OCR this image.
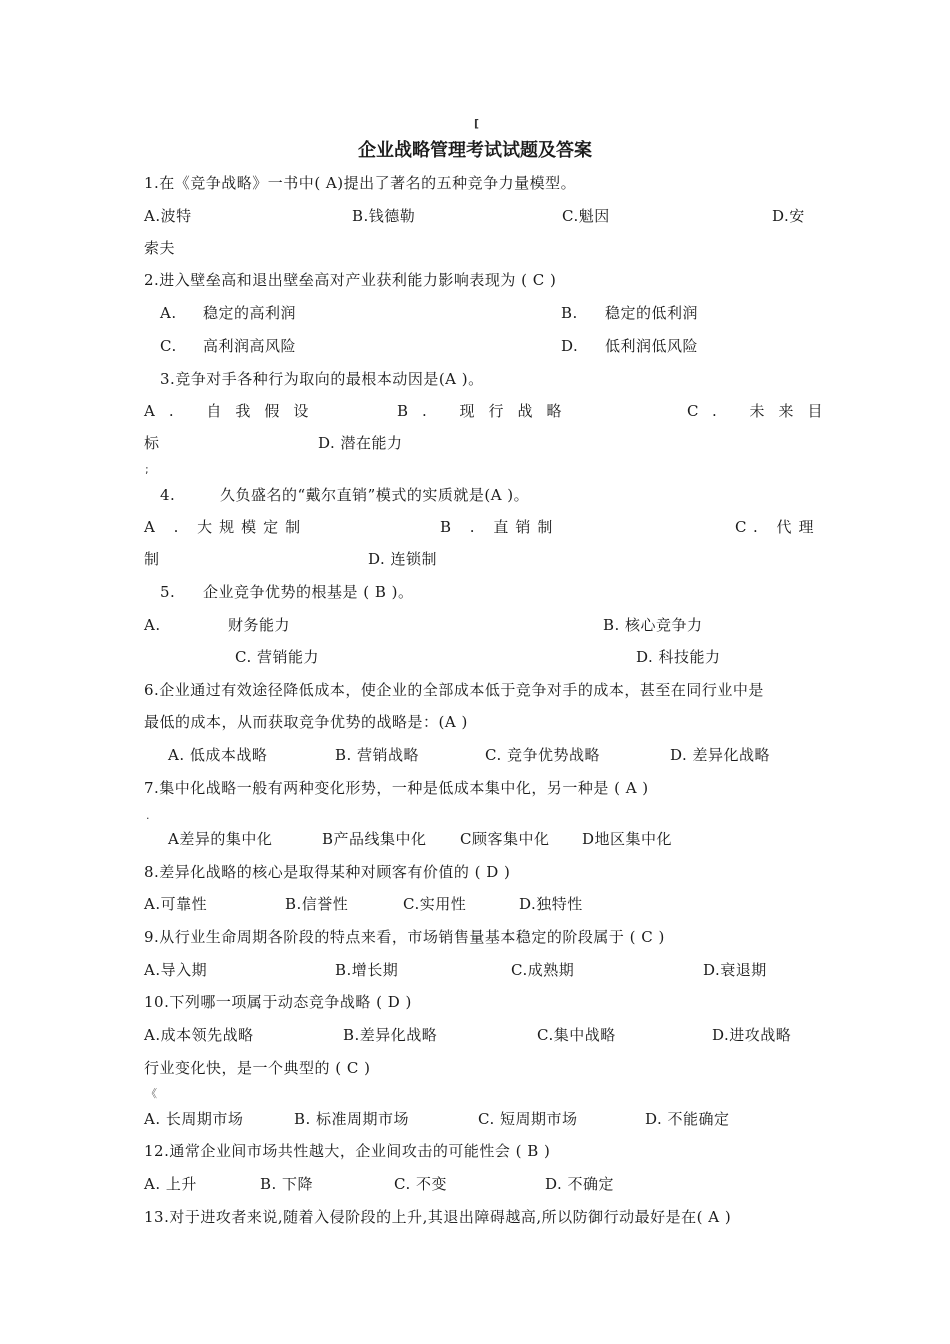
[
企业战略管理考试试题及答案
1.在《竞争战略》一书中( A)提出了著名的五种竞争力量模型。
A.波特	B.钱德勒	C.魁因	D.安
索夫
2.进入壁垒高和退出壁垒高对产业获利能力影响表现为 ( C )
A. 稳定的高利润	B. 稳定的低利润
C. 高利润高风险	D. 低利润低风险
3.竞争对手各种行为取向的最根本动因是(A )。
A. 自我假设	B. 现行战略	C. 未来目
标	D. 潜在能力
;
4.	久负盛名的“戴尔直销”模式的实质就是(A )。
A . 大规模定制	B . 直销制	C. 代理
制	D. 连锁制
5. 企业竞争优势的根基是 ( B )。
A.	财务能力	B. 核心竞争力
C. 营销能力	D. 科技能力
6.企业通过有效途径降低成本，使企业的全部成本低于竞争对手的成本，甚至在同行业中是
最低的成本，从而获取竞争优势的战略是：(A )
A. 低成本战略	B. 营销战略	C. 竞争优势战略	D. 差异化战略
7.集中化战略一般有两种变化形势，一种是低成本集中化，另一种是 ( A )
.
A差异的集中化	B产品线集中化 C顾客集中化 D地区集中化
8.差异化战略的核心是取得某种对顾客有价值的 ( D )
A.可靠性	B.信誉性	C.实用性	D.独特性
9.从行业生命周期各阶段的特点来看，市场销售量基本稳定的阶段属于 ( C )
A.导入期	B.增长期	C.成熟期	D.衰退期
10.下列哪一项属于动态竞争战略 ( D )
A.成本领先战略	B.差异化战略	C.集中战略	D.进攻战略
行业变化快，是一个典型的 ( C )
《
A. 长周期市场	B. 标准周期市场	C. 短周期市场	D. 不能确定
12.通常企业间市场共性越大，企业间攻击的可能性会 ( B )
A. 上升	B. 下降	C. 不变	D. 不确定
13.对于进攻者来说,随着入侵阶段的上升,其退出障碍越高,所以防御行动最好是在( A )
